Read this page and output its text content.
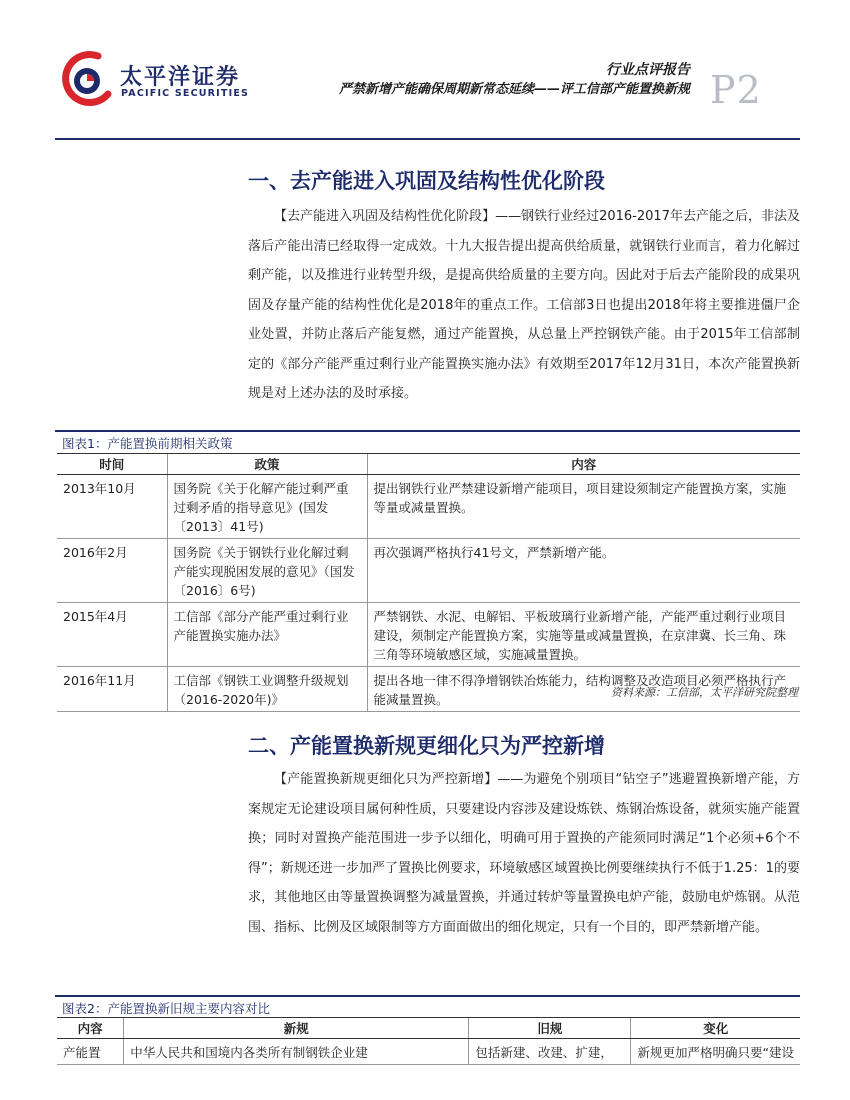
太平洋证券
PACIFIC SECURITIES
行业点评报告
严禁新增产能确保周期新常态延续——评工信部产能置换新规 P2
一、去产能进入巩固及结构性优化阶段

【去产能进入巩固及结构性优化阶段】——钢铁行业经过2016-2017年去产能之后，非法及落后产能出清已经取得一定成效。十九大报告提出提高供给质量，就钢铁行业而言，着力化解过剩产能，以及推进行业转型升级，是提高供给质量的主要方向。因此对于后去产能阶段的成果巩固及存量产能的结构性优化是2018年的重点工作。工信部3日也提出2018年将主要推进僵尸企业处置，并防止落后产能复燃，通过产能置换，从总量上严控钢铁产能。由于2015年工信部制定的《部分产能严重过剩行业产能置换实施办法》有效期至2017年12月31日，本次产能置换新规是对上述办法的及时承接。

图表1：产能置换前期相关政策
时间	政策	内容
2013年10月	国务院《关于化解产能过剩严重过剩矛盾的指导意见》(国发〔2013〕41号)	提出钢铁行业严禁建设新增产能项目，项目建设须制定产能置换方案，实施等量或减量置换。
2016年2月	国务院《关于钢铁行业化解过剩产能实现脱困发展的意见》（国发〔2016〕6号)	再次强调严格执行41号文，严禁新增产能。
2015年4月	工信部《部分产能严重过剩行业产能置换实施办法》	严禁钢铁、水泥、电解铝、平板玻璃行业新增产能，产能严重过剩行业项目建设，须制定产能置换方案，实施等量或减量置换，在京津冀、长三角、珠三角等环境敏感区域，实施减量置换。
2016年11月	工信部《钢铁工业调整升级规划（2016-2020年)》	提出各地一律不得净增钢铁冶炼能力，结构调整及改造项目必须严格执行产能减量置换。	资料来源：工信部，太平洋研究院整理
二、产能置换新规更细化只为严控新增

【产能置换新规更细化只为严控新增】——为避免个别项目“钻空子”逃避置换新增产能，方案规定无论建设项目属何种性质，只要建设内容涉及建设炼铁、炼钢冶炼设备，就须实施产能置换；同时对置换产能范围进一步予以细化，明确可用于置换的产能须同时满足“1个必须+6个不得”；新规还进一步加严了置换比例要求，环境敏感区域置换比例要继续执行不低于1.25：1的要求，其他地区由等量置换调整为减量置换，并通过转炉等量置换电炉产能，鼓励电炉炼钢。从范围、指标、比例及区域限制等方方面面做出的细化规定，只有一个目的，即严禁新增产能。

图表2：产能置换新旧规主要内容对比
内容	新规	旧规	变化
产能置	中华人民共和国境内各类所有制钢铁企业建	包括新建、改建、扩建，	新规更加严格明确只要“建设
